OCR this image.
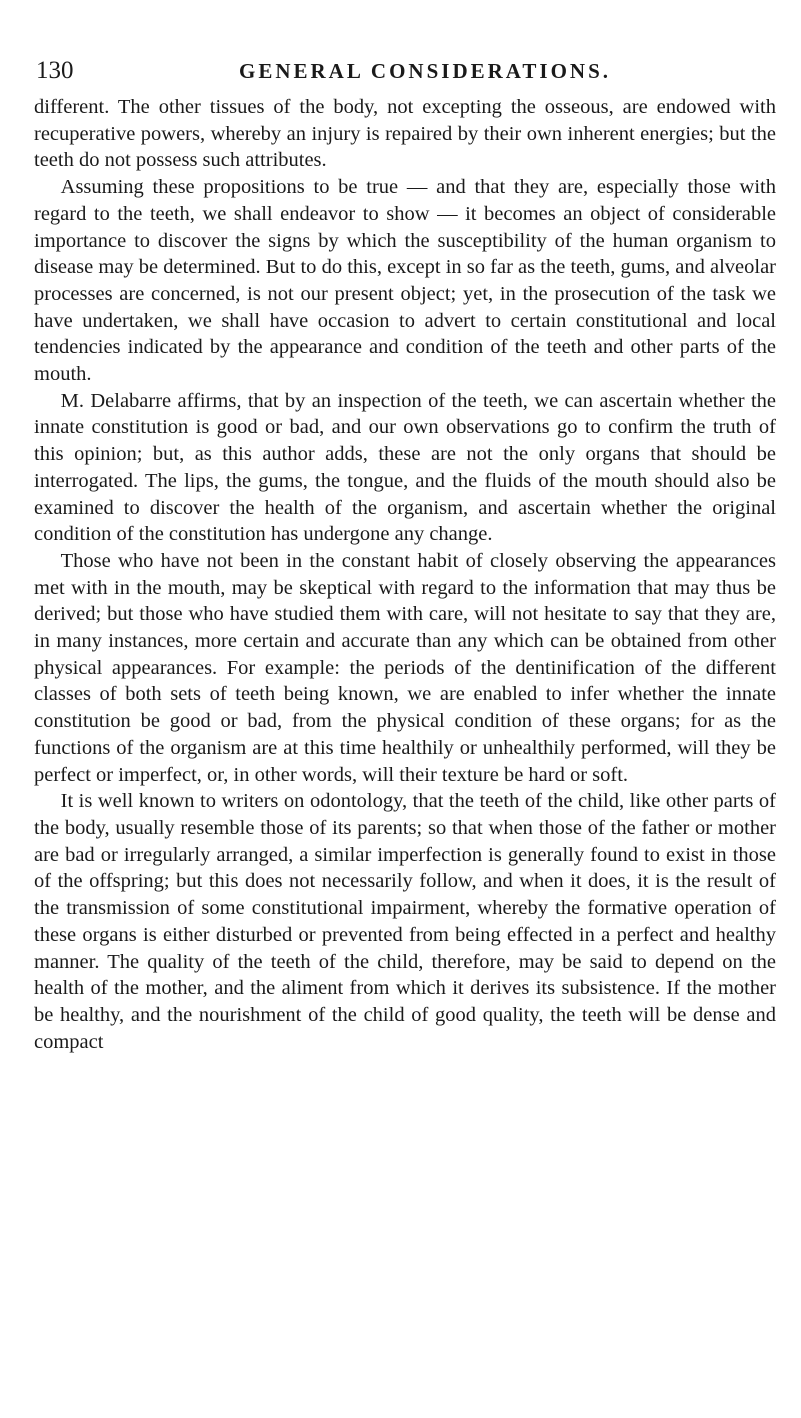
130	GENERAL CONSIDERATIONS.

different. The other tissues of the body, not excepting the osseous, are endowed with recuperative powers, whereby an injury is repaired by their own inherent energies; but the teeth do not possess such attributes.

Assuming these propositions to be true — and that they are, especially those with regard to the teeth, we shall endeavor to show — it becomes an object of considerable importance to discover the signs by which the susceptibility of the human organism to disease may be determined. But to do this, except in so far as the teeth, gums, and alveolar processes are concerned, is not our present object; yet, in the prosecution of the task we have undertaken, we shall have occasion to advert to certain constitutional and local tendencies indicated by the appearance and condition of the teeth and other parts of the mouth.

M. Delabarre affirms, that by an inspection of the teeth, we can ascertain whether the innate constitution is good or bad, and our own observations go to confirm the truth of this opinion; but, as this author adds, these are not the only organs that should be interrogated. The lips, the gums, the tongue, and the fluids of the mouth should also be examined to discover the health of the organism, and ascertain whether the original condition of the constitution has undergone any change.

Those who have not been in the constant habit of closely observing the appearances met with in the mouth, may be skeptical with regard to the information that may thus be derived; but those who have studied them with care, will not hesitate to say that they are, in many instances, more certain and accurate than any which can be obtained from other physical appearances. For example: the periods of the dentinification of the different classes of both sets of teeth being known, we are enabled to infer whether the innate constitution be good or bad, from the physical condition of these organs; for as the functions of the organism are at this time healthily or unhealthily performed, will they be perfect or imperfect, or, in other words, will their texture be hard or soft.

It is well known to writers on odontology, that the teeth of the child, like other parts of the body, usually resemble those of its parents; so that when those of the father or mother are bad or irregularly arranged, a similar imperfection is generally found to exist in those of the offspring; but this does not necessarily follow, and when it does, it is the result of the transmission of some constitutional impairment, whereby the formative operation of these organs is either disturbed or prevented from being effected in a perfect and healthy manner. The quality of the teeth of the child, therefore, may be said to depend on the health of the mother, and the aliment from which it derives its subsistence. If the mother be healthy, and the nourishment of the child of good quality, the teeth will be dense and compact
